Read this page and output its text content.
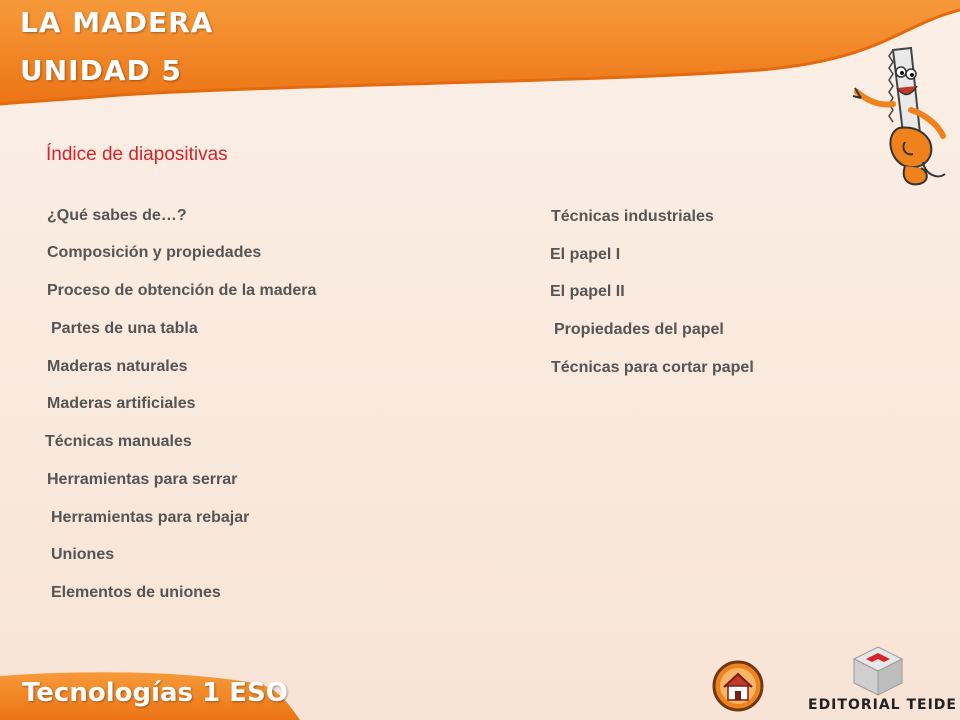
LA MADERA
UNIDAD 5
Índice de diapositivas
¿Qué sabes de…?
Composición y propiedades
Proceso de obtención de la madera
Partes de una tabla
Maderas naturales
Maderas artificiales
Técnicas manuales
Herramientas para serrar
Herramientas para rebajar
Uniones
Elementos de uniones
Técnicas industriales
El papel I
El papel II
Propiedades del papel
Técnicas para cortar papel
Tecnologías 1 ESO	EDITORIAL TEIDE
